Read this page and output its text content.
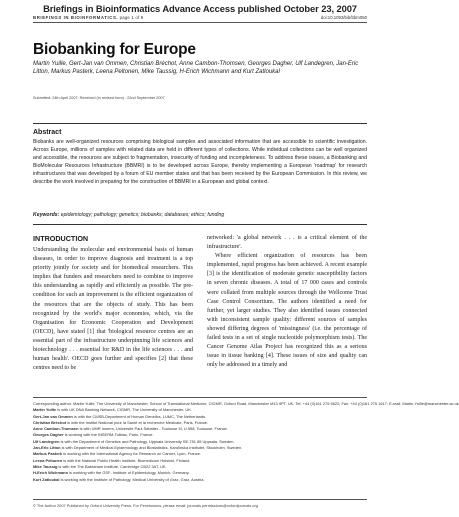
Briefings in Bioinformatics Advance Access published October 23, 2007
BRIEFINGS IN BIOINFORMATICS. page 1 of 9	doi:10.1093/bib/bbm050
Biobanking for Europe
Martin Yuille, Gert-Jan van Ommen, Christian Bréchot, Anne Cambon-Thomsen, Georges Dagher, Ulf Landegren, Jan-Eric Litton, Markus Pasterk, Leena Peltonen, Mike Taussig, H-Erich Wichmann and Kurt Zatloukal
Submitted: 24th April 2007; Received (in revised form) : 22nd September 2007
Abstract
Biobanks are well-organized resources comprising biological samples and associated information that are accessible to scientific investigation. Across Europe, millions of samples with related data are held in different types of collections. While individual collections can be well organized and accessible, the resources are subject to fragmentation, insecurity of funding and incompleteness. To address these issues, a Biobanking and BioMolecular Resources Infrastructure (BBMRI) is to be developed across Europe, thereby implementing a European 'roadmap' for research infrastructures that was developed by a forum of EU member states and that has been received by the European Commission. In this review, we describe the work involved in preparing for the construction of BBMRI in a European and global context.
Keywords: epidemiology; pathology; genetics; biobanks; databases; ethics; funding
INTRODUCTION

Understanding the molecular and environmental basis of human diseases, in order to improve diagnosis and treatment is a top priority jointly for society and for biomedical researchers. This implies that funders and researchers need to combine to improve this understanding as rapidly and efficiently as possible. The pre-condition for such an improvement is the efficient organization of the resources that are the objects of study. This has been recognized by the world's major economies, which, via the Organisation for Economic Cooperation and Development (OECD), have stated [1] that 'biological resource centres are an essential part of the infrastructure underpinning life sciences and biotechnology . . . essential for R&D in the life sciences . . . and human health'. OECD goes further and specifies [2] that these centres need to be

networked: 'a global network . . . is a critical element of the infrastructure'.

Where efficient organization of resources has been implemented, rapid progress has been achieved. A recent example [3] is the identification of moderate genetic susceptibility factors in seven chronic diseases. A total of 17 000 cases and controls were collated from multiple sources through the Wellcome Trust Case Control Consortium. The authors identified a need for further, yet larger studies. They also identified issues connected with inconsistent sample quality: different sources of samples showed differing degrees of 'missingness' (i.e. the percentage of failed tests in a set of single nucleotide polymorphism tests). The Cancer Genome Atlas Project has recognized this as a serious issue in tissue banking [4]. These issues of size and quality can only be addressed in a timely and

Corresponding author. Martin Yuille, The University of Manchester, School of Translational Medicine, CIGMR, Oxford Road, Manchester M13 9PT, UK. Tel: +44 (0)161 275 5622; Fax: +44 (0)161 275 1617; E-mail: Martin.Yuille@manchester.ac.uk
Martin Yuille is with UK DNA Banking Network, CIGMR, The University of Manchester, UK.
Gert-Jan van Ommen is with the CMSB-Department of Human Genetics, LUMC, The Netherlands.
Christian Bréchot is with the Institut National pour la Santé et la recherche Médicale, Paris, France.
Anne Cambon-Thomsen is with UMR Inserm, Université Paul Sabatier - Toulouse III, U 558, Toulouse, France.
Georges Dagher is working with the INSERM-Tolbiac, Paris, France.
Ulf Landegren is with the Department of Genetics and Pathology, Uppsala University SE-751 85 Uppsala, Sweden.
Jan-Eric Litton is with Department of Medical Epidemiology and Biostatistics, Karolinska Institutet, Stockholm, Sweden.
Markus Pasterk is working with the International Agency for Research on Cancer, Lyon, France.
Leena Peltonen is with the National Public Health Institute, Biomedicum Helsinki, Finland.
Mike Taussig is with the The Babraham Institute, Cambridge CB22 3AT, UK.
H-Erich Wichmann is working with the GSF- Institute of Epidemiology, Munich, Germany.
Kurt Zatloukal is working with the Institute of Pathology, Medical University of Graz, Graz, Austria.
© The Author 2007 Published by Oxford University Press. For Permissions, please email: journals.permissions@oxfordjournals.org
